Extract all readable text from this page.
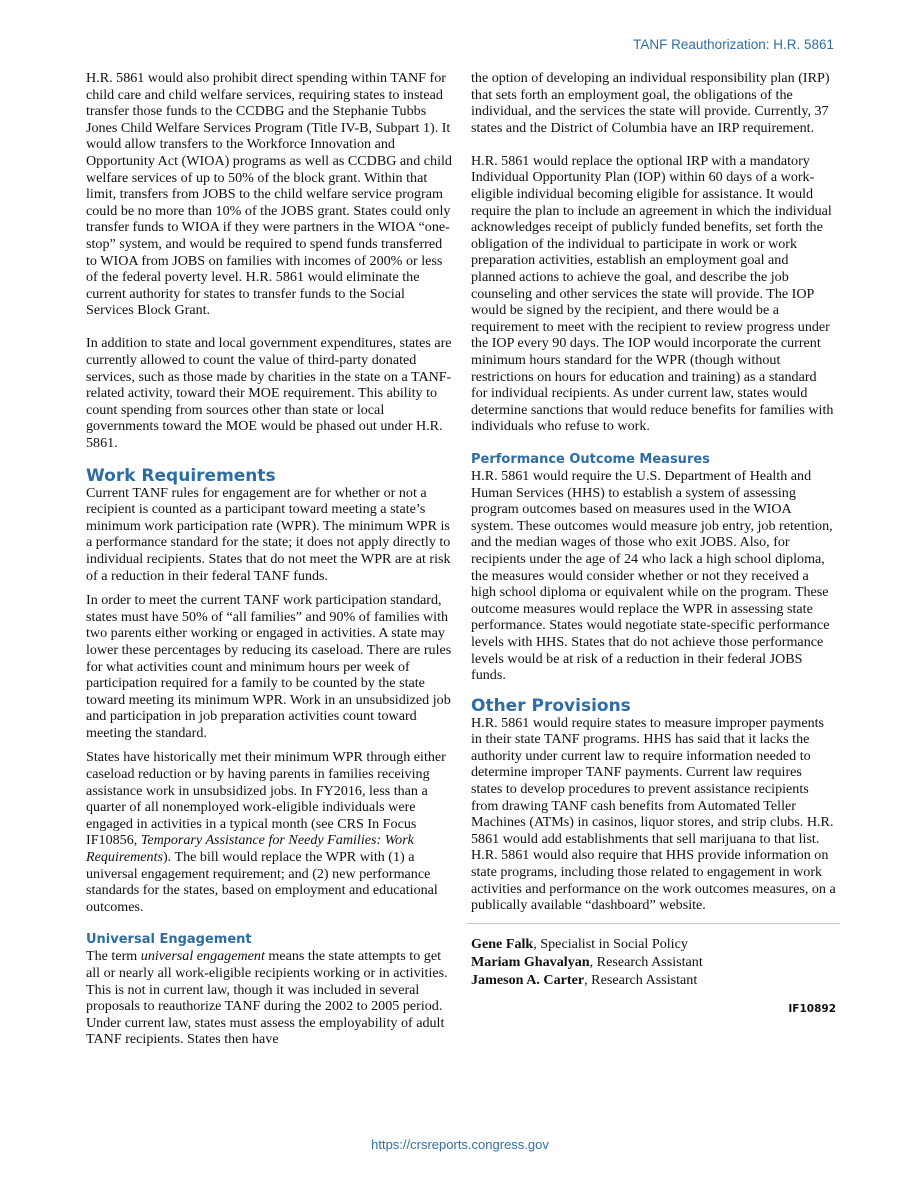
TANF Reauthorization: H.R. 5861

H.R. 5861 would also prohibit direct spending within TANF for child care and child welfare services, requiring states to instead transfer those funds to the CCDBG and the Stephanie Tubbs Jones Child Welfare Services Program (Title IV-B, Subpart 1). It would allow transfers to the Workforce Innovation and Opportunity Act (WIOA) programs as well as CCDBG and child welfare services of up to 50% of the block grant. Within that limit, transfers from JOBS to the child welfare service program could be no more than 10% of the JOBS grant. States could only transfer funds to WIOA if they were partners in the WIOA “one-stop” system, and would be required to spend funds transferred to WIOA from JOBS on families with incomes of 200% or less of the federal poverty level. H.R. 5861 would eliminate the current authority for states to transfer funds to the Social Services Block Grant.

In addition to state and local government expenditures, states are currently allowed to count the value of third-party donated services, such as those made by charities in the state on a TANF-related activity, toward their MOE requirement. This ability to count spending from sources other than state or local governments toward the MOE would be phased out under H.R. 5861.

Work Requirements

Current TANF rules for engagement are for whether or not a recipient is counted as a participant toward meeting a state’s minimum work participation rate (WPR). The minimum WPR is a performance standard for the state; it does not apply directly to individual recipients. States that do not meet the WPR are at risk of a reduction in their federal TANF funds.

In order to meet the current TANF work participation standard, states must have 50% of “all families” and 90% of families with two parents either working or engaged in activities. A state may lower these percentages by reducing its caseload. There are rules for what activities count and minimum hours per week of participation required for a family to be counted by the state toward meeting its minimum WPR. Work in an unsubsidized job and participation in job preparation activities count toward meeting the standard.

States have historically met their minimum WPR through either caseload reduction or by having parents in families receiving assistance work in unsubsidized jobs. In FY2016, less than a quarter of all nonemployed work-eligible individuals were engaged in activities in a typical month (see CRS In Focus IF10856, Temporary Assistance for Needy Families: Work Requirements). The bill would replace the WPR with (1) a universal engagement requirement; and (2) new performance standards for the states, based on employment and educational outcomes.

Universal Engagement

The term universal engagement means the state attempts to get all or nearly all work-eligible recipients working or in activities. This is not in current law, though it was included in several proposals to reauthorize TANF during the 2002 to 2005 period. Under current law, states must assess the employability of adult TANF recipients. States then have

the option of developing an individual responsibility plan (IRP) that sets forth an employment goal, the obligations of the individual, and the services the state will provide. Currently, 37 states and the District of Columbia have an IRP requirement.

H.R. 5861 would replace the optional IRP with a mandatory Individual Opportunity Plan (IOP) within 60 days of a work-eligible individual becoming eligible for assistance. It would require the plan to include an agreement in which the individual acknowledges receipt of publicly funded benefits, set forth the obligation of the individual to participate in work or work preparation activities, establish an employment goal and planned actions to achieve the goal, and describe the job counseling and other services the state will provide. The IOP would be signed by the recipient, and there would be a requirement to meet with the recipient to review progress under the IOP every 90 days. The IOP would incorporate the current minimum hours standard for the WPR (though without restrictions on hours for education and training) as a standard for individual recipients. As under current law, states would determine sanctions that would reduce benefits for families with individuals who refuse to work.

Performance Outcome Measures

H.R. 5861 would require the U.S. Department of Health and Human Services (HHS) to establish a system of assessing program outcomes based on measures used in the WIOA system. These outcomes would measure job entry, job retention, and the median wages of those who exit JOBS. Also, for recipients under the age of 24 who lack a high school diploma, the measures would consider whether or not they received a high school diploma or equivalent while on the program. These outcome measures would replace the WPR in assessing state performance. States would negotiate state-specific performance levels with HHS. States that do not achieve those performance levels would be at risk of a reduction in their federal JOBS funds.

Other Provisions

H.R. 5861 would require states to measure improper payments in their state TANF programs. HHS has said that it lacks the authority under current law to require information needed to determine improper TANF payments. Current law requires states to develop procedures to prevent assistance recipients from drawing TANF cash benefits from Automated Teller Machines (ATMs) in casinos, liquor stores, and strip clubs. H.R. 5861 would add establishments that sell marijuana to that list. H.R. 5861 would also require that HHS provide information on state programs, including those related to engagement in work activities and performance on the work outcomes measures, on a publically available “dashboard” website.

Gene Falk, Specialist in Social Policy
Mariam Ghavalyan, Research Assistant
Jameson A. Carter, Research Assistant
IF10892
https://crsreports.congress.gov
